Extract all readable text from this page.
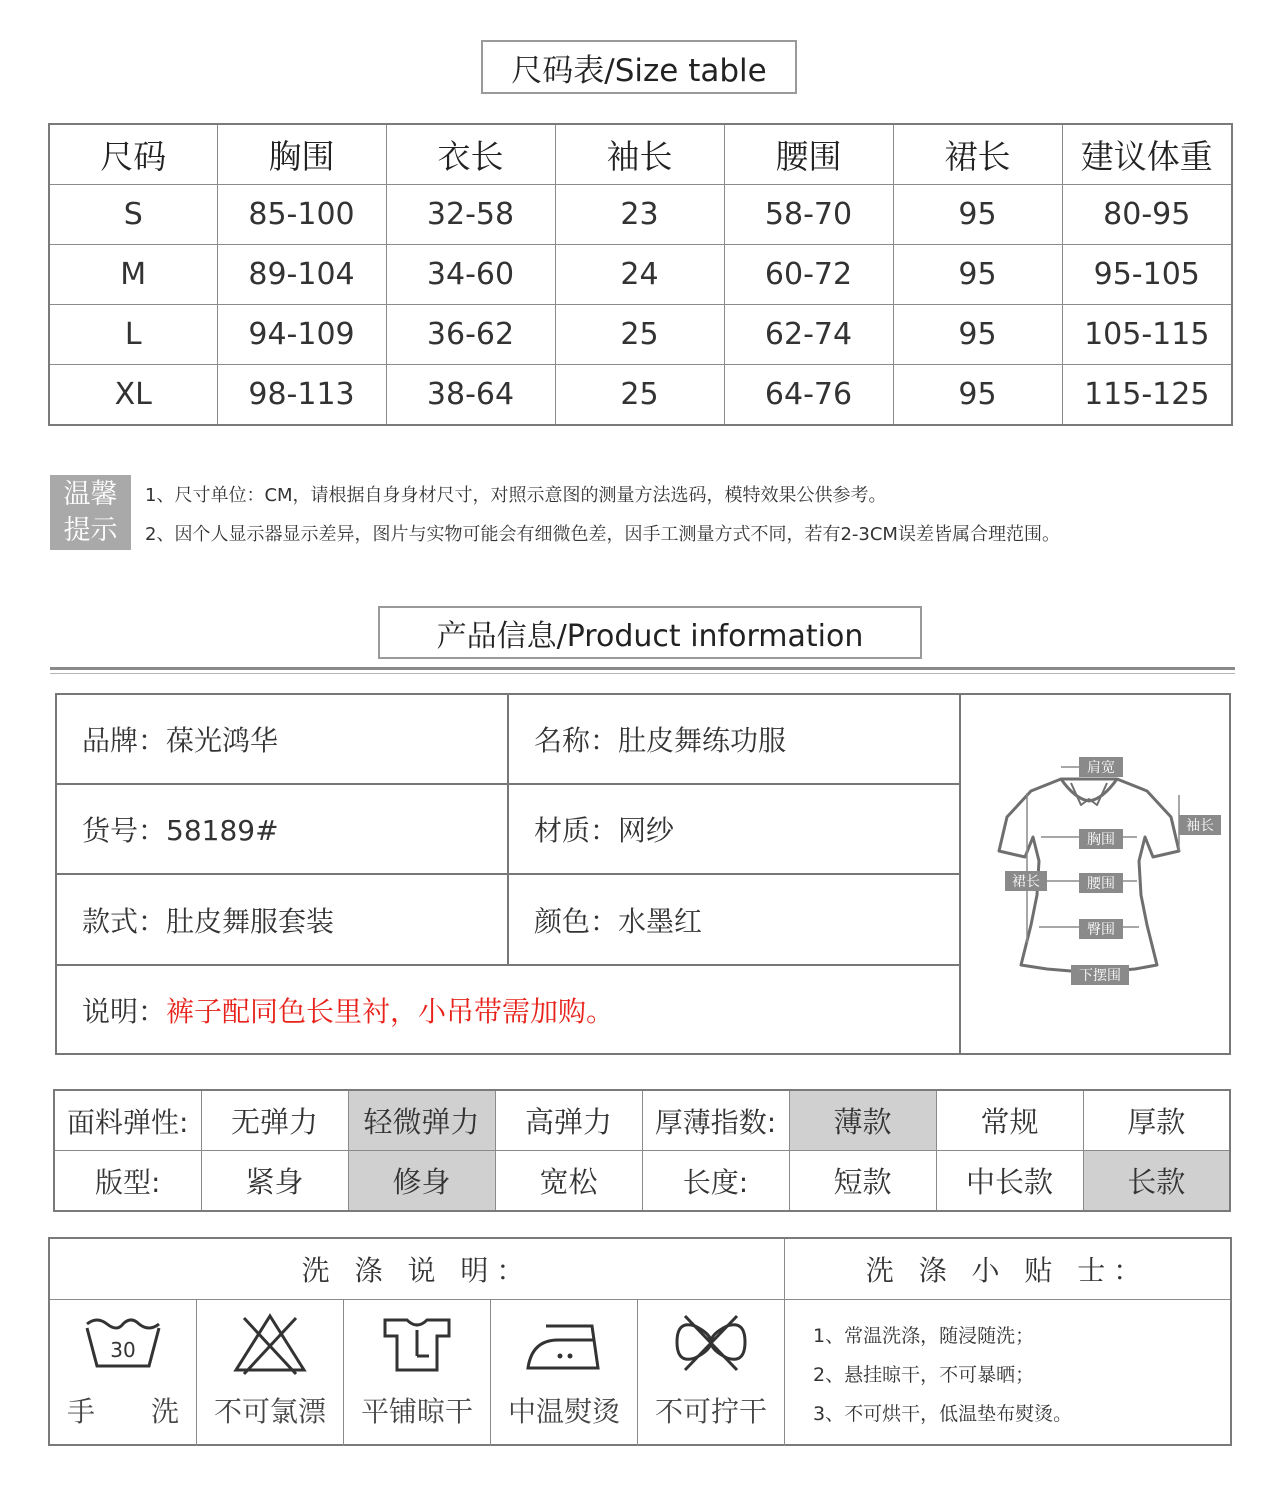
尺码表/Size table
尺码	胸围	衣长	袖长	腰围	裙长	建议体重
S	85-100	32-58	23	58-70	95	80-95
M	89-104	34-60	24	60-72	95	95-105
L	94-109	36-62	25	62-74	95	105-115
XL	98-113	38-64	25	64-76	95	115-125
温馨
提示
1、尺寸单位：CM，请根据自身身材尺寸，对照示意图的测量方法选码，模特效果公供参考。
2、因个人显示器显示差异，图片与实物可能会有细微色差，因手工测量方式不同，若有2-3CM误差皆属合理范围。
产品信息/Product information
品牌：葆光鸿华	名称：肚皮舞练功服
货号：58189#	材质：网纱
款式：肚皮舞服套装	颜色：水墨红
说明： 裤子配同色长里衬，小吊带需加购。
肩宽
胸围
袖长
裙长	腰围
臀围
下摆围
面料弹性:	无弹力	轻微弹力	高弹力	厚薄指数:	薄款	常规	厚款
版型:	紧身	修身	宽松	长度:	短款	中长款	长款
洗 涤 说 明：	洗 涤 小 贴 士：
30
手　　洗	不可氯漂	平铺晾干	中温熨烫	不可拧干
1、常温洗涤，随浸随洗；
2、悬挂晾干，不可暴晒；
3、不可烘干，低温垫布熨烫。
